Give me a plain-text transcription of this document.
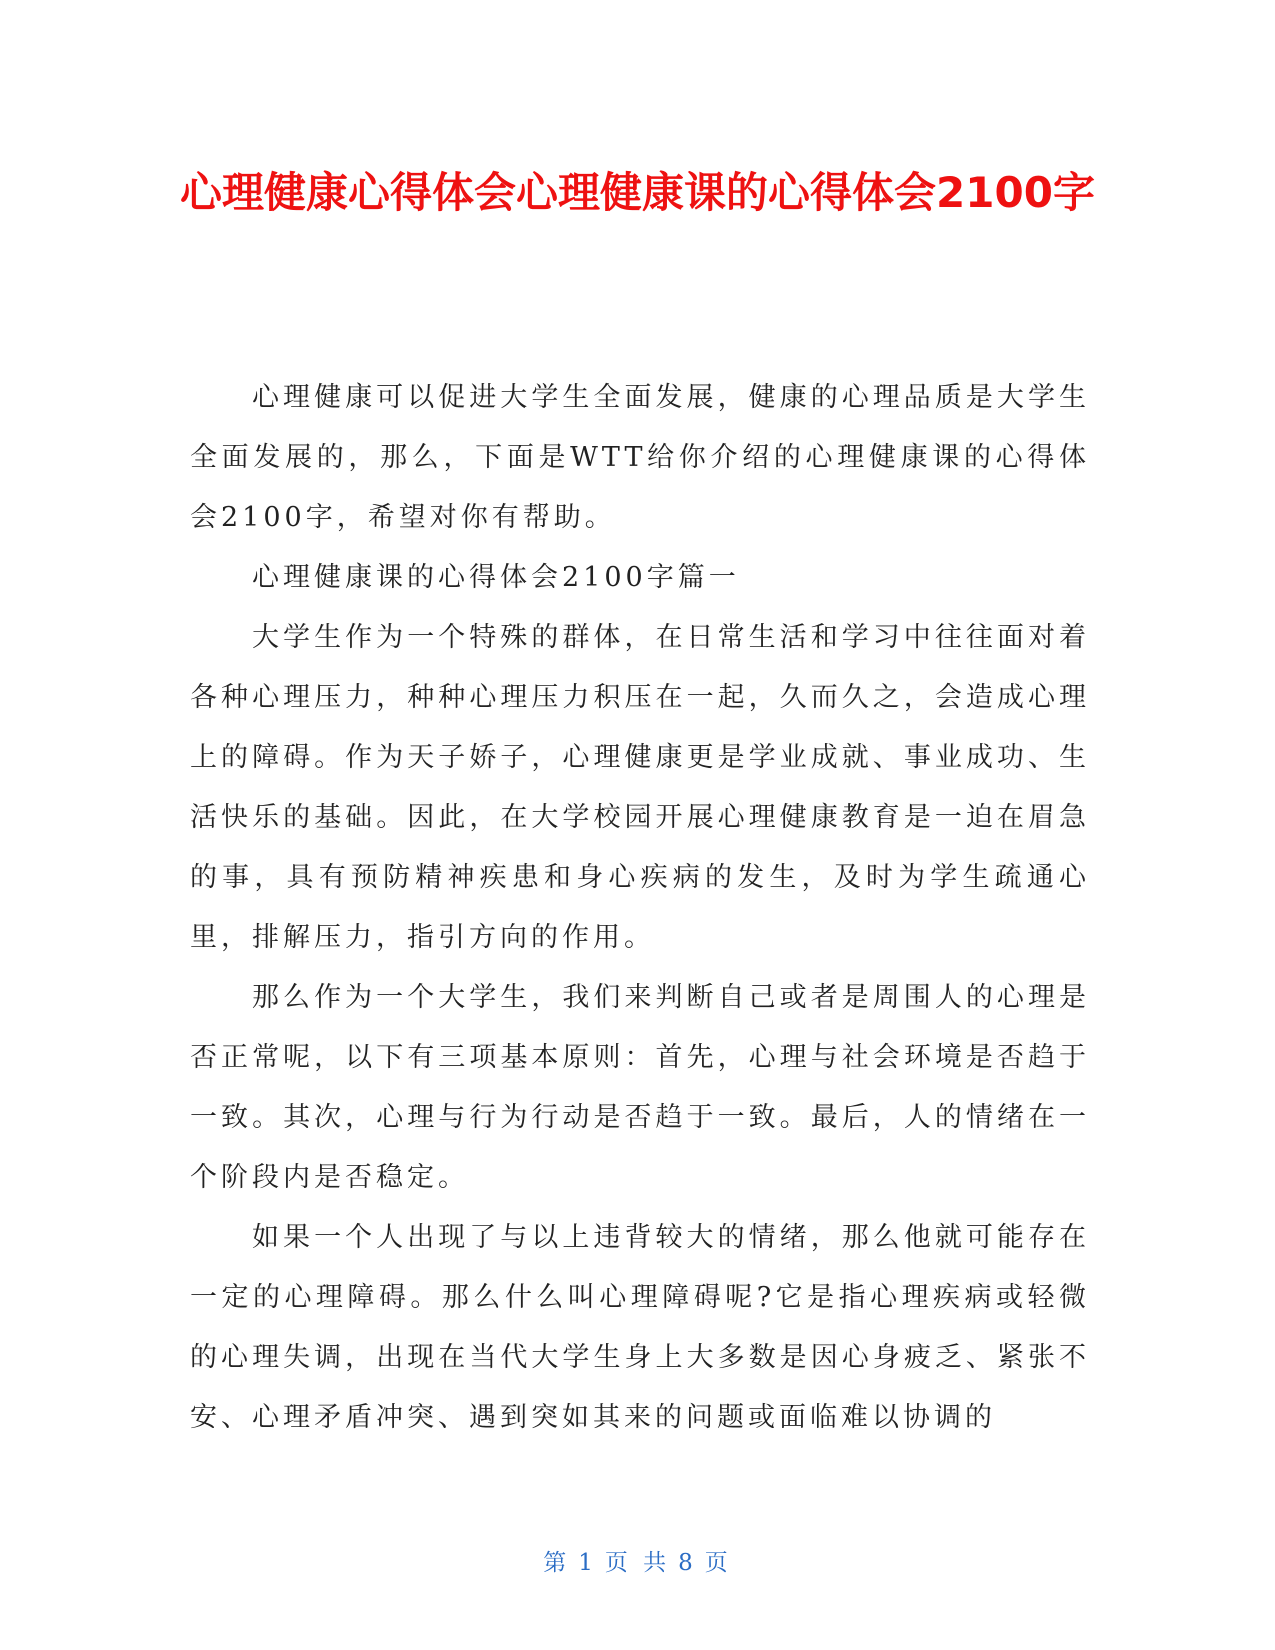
心理健康心得体会心理健康课的心得体会2100字

心理健康可以促进大学生全面发展，健康的心理品质是大学生全面发展的，那么，下面是WTT给你介绍的心理健康课的心得体会2100字，希望对你有帮助。

心理健康课的心得体会2100字篇一

大学生作为一个特殊的群体，在日常生活和学习中往往面对着各种心理压力，种种心理压力积压在一起，久而久之，会造成心理上的障碍。作为天子娇子，心理健康更是学业成就、事业成功、生活快乐的基础。因此，在大学校园开展心理健康教育是一迫在眉急的事，具有预防精神疾患和身心疾病的发生，及时为学生疏通心里，排解压力，指引方向的作用。

那么作为一个大学生，我们来判断自己或者是周围人的心理是否正常呢，以下有三项基本原则：首先，心理与社会环境是否趋于一致。其次，心理与行为行动是否趋于一致。最后，人的情绪在一个阶段内是否稳定。

如果一个人出现了与以上违背较大的情绪，那么他就可能存在一定的心理障碍。那么什么叫心理障碍呢?它是指心理疾病或轻微的心理失调，出现在当代大学生身上大多数是因心身疲乏、紧张不安、心理矛盾冲突、遇到突如其来的问题或面临难以协调的

第 1 页 共 8 页
